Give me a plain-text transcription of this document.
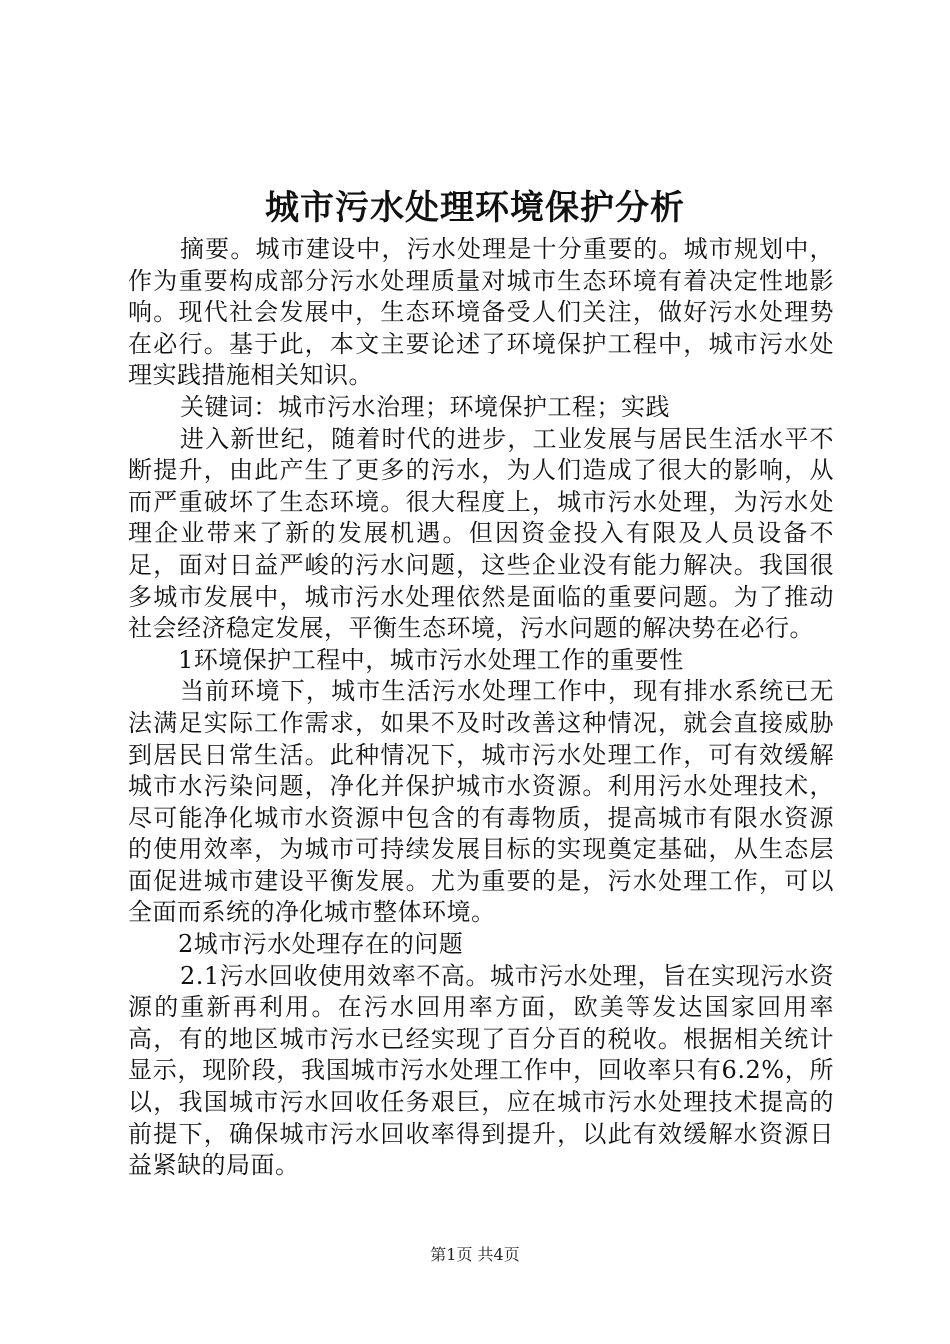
城市污水处理环境保护分析

摘要。城市建设中，污水处理是十分重要的。城市规划中，作为重要构成部分污水处理质量对城市生态环境有着决定性地影响。现代社会发展中，生态环境备受人们关注，做好污水处理势在必行。基于此，本文主要论述了环境保护工程中，城市污水处理实践措施相关知识。

关键词：城市污水治理；环境保护工程；实践

进入新世纪，随着时代的进步，工业发展与居民生活水平不断提升，由此产生了更多的污水，为人们造成了很大的影响，从而严重破坏了生态环境。很大程度上，城市污水处理，为污水处理企业带来了新的发展机遇。但因资金投入有限及人员设备不足，面对日益严峻的污水问题，这些企业没有能力解决。我国很多城市发展中，城市污水处理依然是面临的重要问题。为了推动社会经济稳定发展，平衡生态环境，污水问题的解决势在必行。

1环境保护工程中，城市污水处理工作的重要性

当前环境下，城市生活污水处理工作中，现有排水系统已无法满足实际工作需求，如果不及时改善这种情况，就会直接威胁到居民日常生活。此种情况下，城市污水处理工作，可有效缓解城市水污染问题，净化并保护城市水资源。利用污水处理技术，尽可能净化城市水资源中包含的有毒物质，提高城市有限水资源的使用效率，为城市可持续发展目标的实现奠定基础，从生态层面促进城市建设平衡发展。尤为重要的是，污水处理工作，可以全面而系统的净化城市整体环境。

2城市污水处理存在的问题

2.1污水回收使用效率不高。城市污水处理，旨在实现污水资源的重新再利用。在污水回用率方面，欧美等发达国家回用率高，有的地区城市污水已经实现了百分百的税收。根据相关统计显示，现阶段，我国城市污水处理工作中，回收率只有6.2%，所以，我国城市污水回收任务艰巨，应在城市污水处理技术提高的前提下，确保城市污水回收率得到提升，以此有效缓解水资源日益紧缺的局面。

第1页 共4页
